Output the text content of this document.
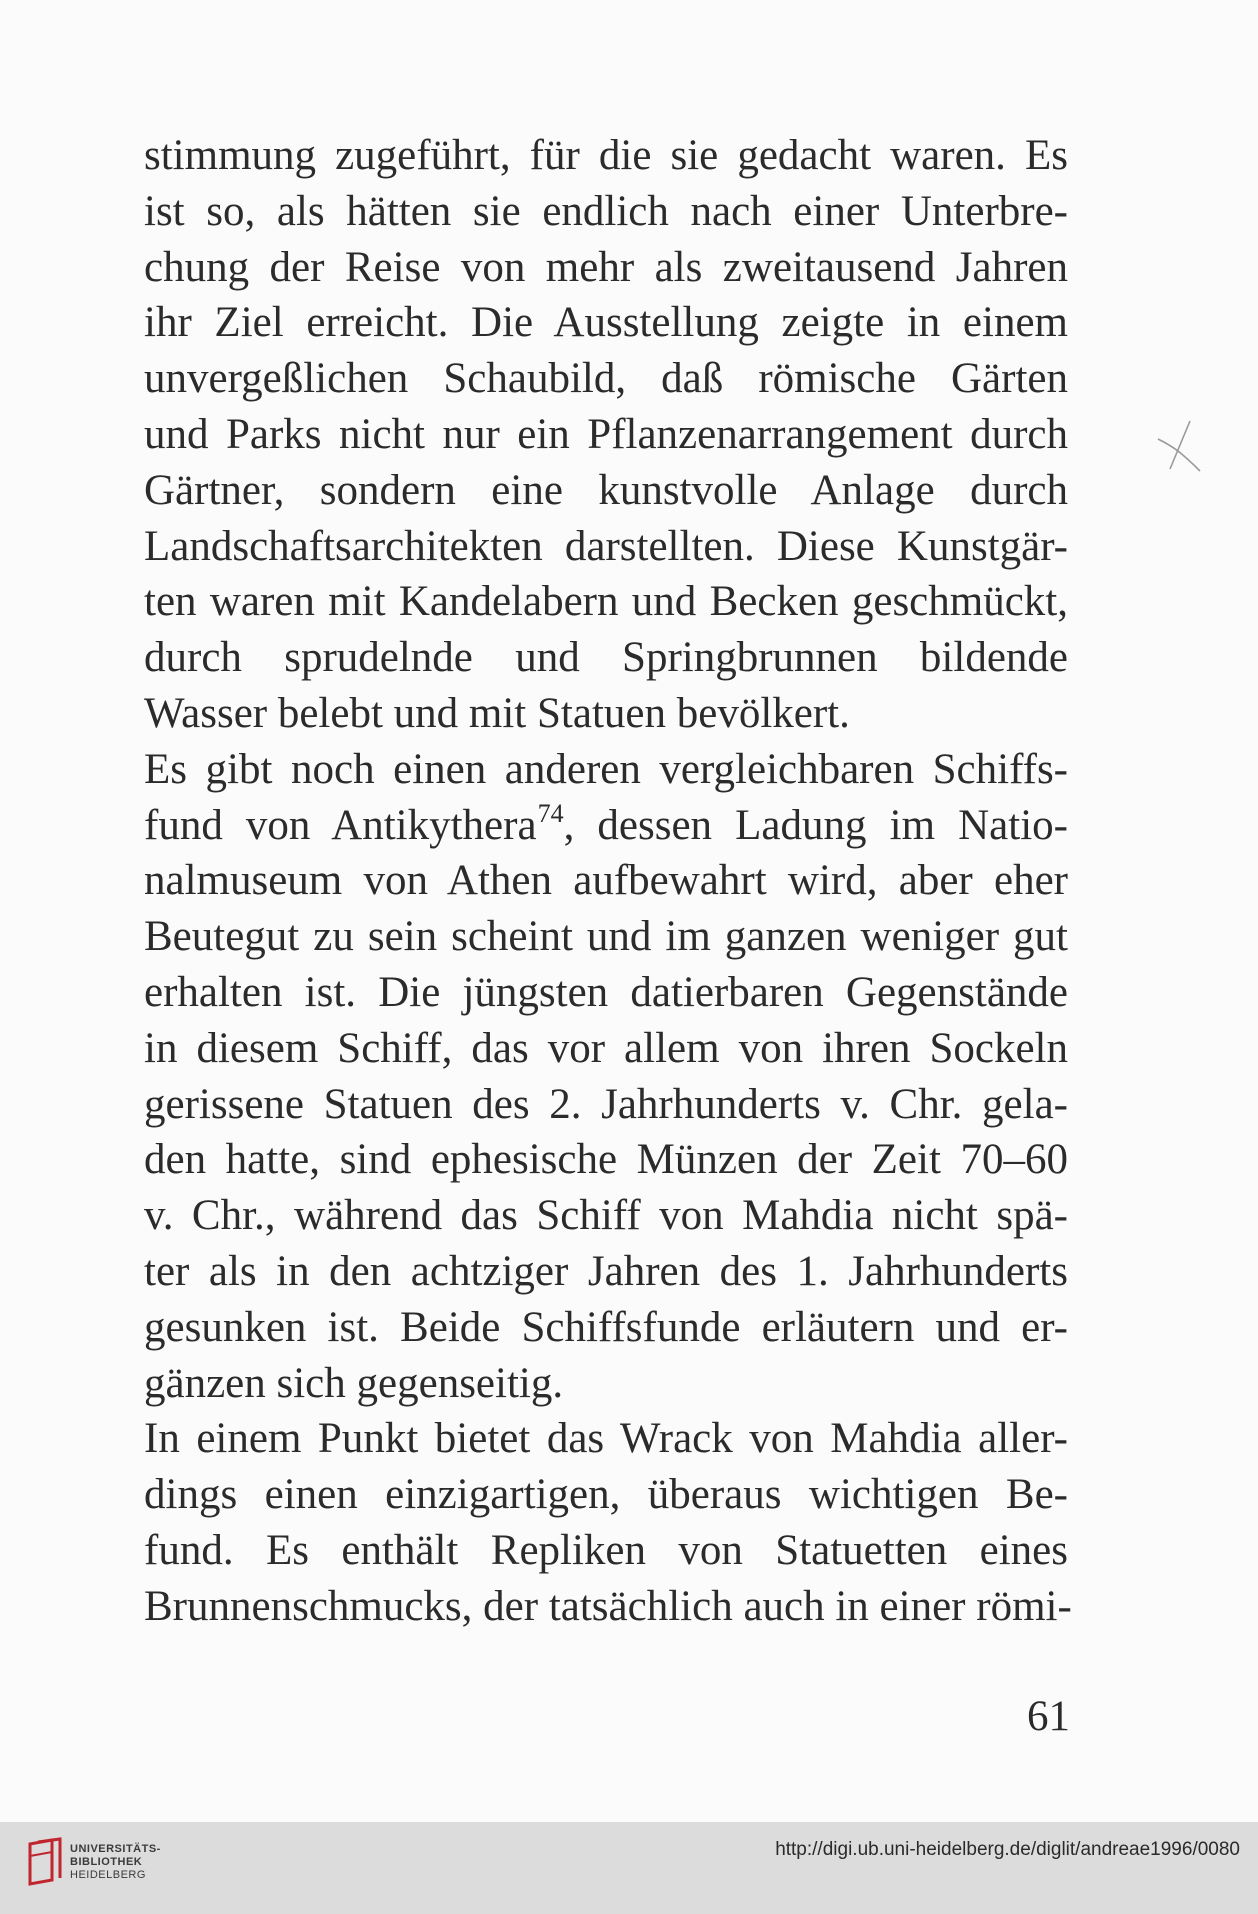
stimmung zugeführt, für die sie gedacht waren. Es
ist so, als hätten sie endlich nach einer Unterbre-
chung der Reise von mehr als zweitausend Jahren
ihr Ziel erreicht. Die Ausstellung zeigte in einem
unvergeßlichen Schaubild, daß römische Gärten
und Parks nicht nur ein Pflanzenarrangement durch
Gärtner, sondern eine kunstvolle Anlage durch
Landschaftsarchitekten darstellten. Diese Kunstgär-
ten waren mit Kandelabern und Becken geschmückt,
durch sprudelnde und Springbrunnen bildende
Wasser belebt und mit Statuen bevölkert.
Es gibt noch einen anderen vergleichbaren Schiffs-
fund von Antikythera$^{74}$, dessen Ladung im Natio-
nalmuseum von Athen aufbewahrt wird, aber eher
Beutegut zu sein scheint und im ganzen weniger gut
erhalten ist. Die jüngsten datierbaren Gegenstände
in diesem Schiff, das vor allem von ihren Sockeln
gerissene Statuen des 2. Jahrhunderts v. Chr. gela-
den hatte, sind ephesische Münzen der Zeit 70–60
v. Chr., während das Schiff von Mahdia nicht spä-
ter als in den achtziger Jahren des 1. Jahrhunderts
gesunken ist. Beide Schiffsfunde erläutern und er-
gänzen sich gegenseitig.
In einem Punkt bietet das Wrack von Mahdia aller-
dings einen einzigartigen, überaus wichtigen Be-
fund. Es enthält Repliken von Statuetten eines
Brunnenschmucks, der tatsächlich auch in einer römi-
61
UNIVERSITÄTS-
BIBLIOTHEK
HEIDELBERG
http://digi.ub.uni-heidelberg.de/diglit/andreae1996/0080
